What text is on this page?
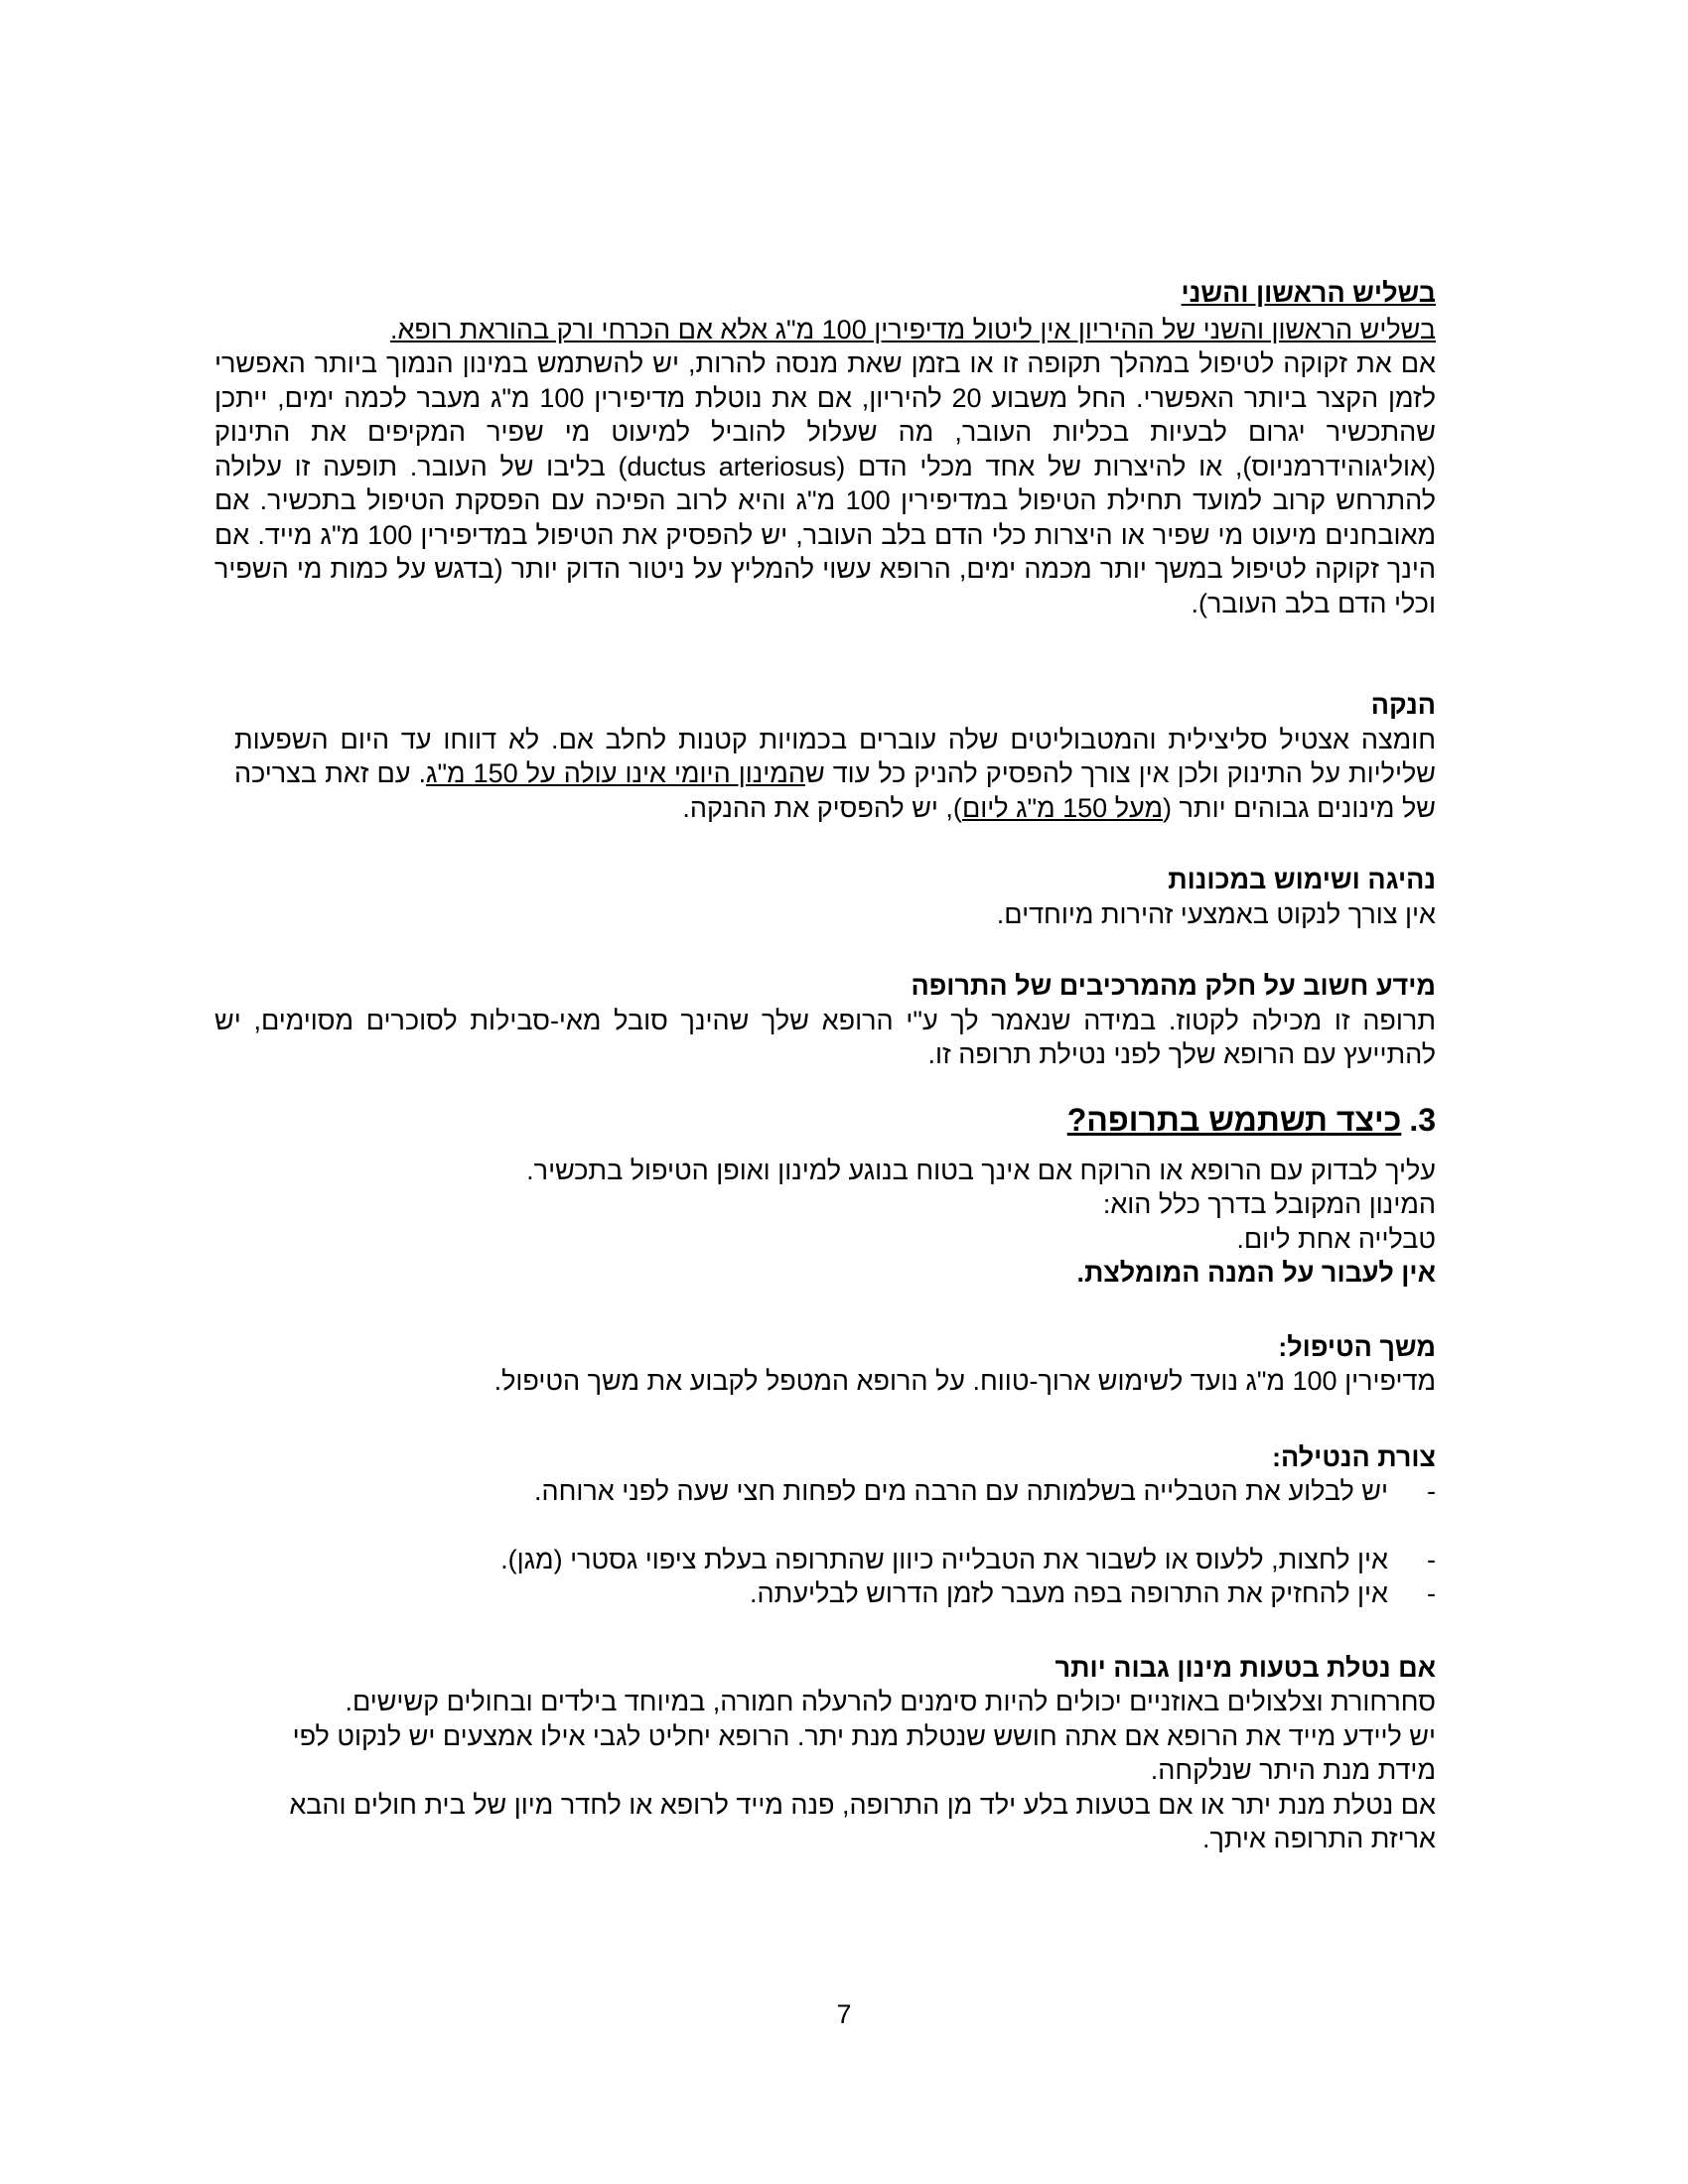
בשליש הראשון והשני

בשליש הראשון והשני של ההיריון אין ליטול מדיפירין 100 מ"ג אלא אם הכרחי ורק בהוראת רופא.

אם את זקוקה לטיפול במהלך תקופה זו או בזמן שאת מנסה להרות, יש להשתמש במינון הנמוך ביותר האפשרי לזמן הקצר ביותר האפשרי. החל משבוע 20 להיריון, אם את נוטלת מדיפירין 100 מ"ג מעבר לכמה ימים, ייתכן שהתכשיר יגרום לבעיות בכליות העובר, מה שעלול להוביל למיעוט מי שפיר המקיפים את התינוק (אוליגוהידרמניוס), או להיצרות של אחד מכלי הדם (ductus arteriosus) בליבו של העובר. תופעה זו עלולה להתרחש קרוב למועד תחילת הטיפול במדיפירין 100 מ"ג והיא לרוב הפיכה עם הפסקת הטיפול בתכשיר. אם מאובחנים מיעוט מי שפיר או היצרות כלי הדם בלב העובר, יש להפסיק את הטיפול במדיפירין 100 מ"ג מייד. אם הינך זקוקה לטיפול במשך יותר מכמה ימים, הרופא עשוי להמליץ על ניטור הדוק יותר (בדגש על כמות מי השפיר וכלי הדם בלב העובר).

הנקה

חומצה אצטיל סליצילית והמטבוליטים שלה עוברים בכמויות קטנות לחלב אם. לא דווחו עד היום השפעות שליליות על התינוק ולכן אין צורך להפסיק להניק כל עוד שהמינון היומי אינו עולה על 150 מ"ג. עם זאת בצריכה של מינונים גבוהים יותר (מעל 150 מ"ג ליום), יש להפסיק את ההנקה.

נהיגה ושימוש במכונות

אין צורך לנקוט באמצעי זהירות מיוחדים.

מידע חשוב על חלק מהמרכיבים של התרופה

תרופה זו מכילה לקטוז. במידה שנאמר לך ע"י הרופא שלך שהינך סובל מאי-סבילות לסוכרים מסוימים, יש להתייעץ עם הרופא שלך לפני נטילת תרופה זו.

3.כיצד תשתמש בתרופה?

עליך לבדוק עם הרופא או הרוקח אם אינך בטוח בנוגע למינון ואופן הטיפול בתכשיר.

המינון המקובל בדרך כלל הוא:

טבלייה אחת ליום.

אין לעבור על המנה המומלצת.

משך הטיפול:

מדיפירין 100 מ"ג נועד לשימוש ארוך-טווח. על הרופא המטפל לקבוע את משך הטיפול.

צורת הנטילה:

-
יש לבלוע את הטבלייה בשלמותה עם הרבה מים לפחות חצי שעה לפני ארוחה.
-
אין לחצות, ללעוס או לשבור את הטבלייה כיוון שהתרופה בעלת ציפוי גסטרי (מגן).
-
אין להחזיק את התרופה בפה מעבר לזמן הדרוש לבליעתה.

אם נטלת בטעות מינון גבוה יותר

סחרחורת וצלצולים באוזניים יכולים להיות סימנים להרעלה חמורה, במיוחד בילדים ובחולים קשישים.

יש ליידע מייד את הרופא אם אתה חושש שנטלת מנת יתר. הרופא יחליט לגבי אילו אמצעים יש לנקוט לפי מידת מנת היתר שנלקחה.

אם נטלת מנת יתר או אם בטעות בלע ילד מן התרופה, פנה מייד לרופא או לחדר מיון של בית חולים והבא אריזת התרופה איתך.

7
